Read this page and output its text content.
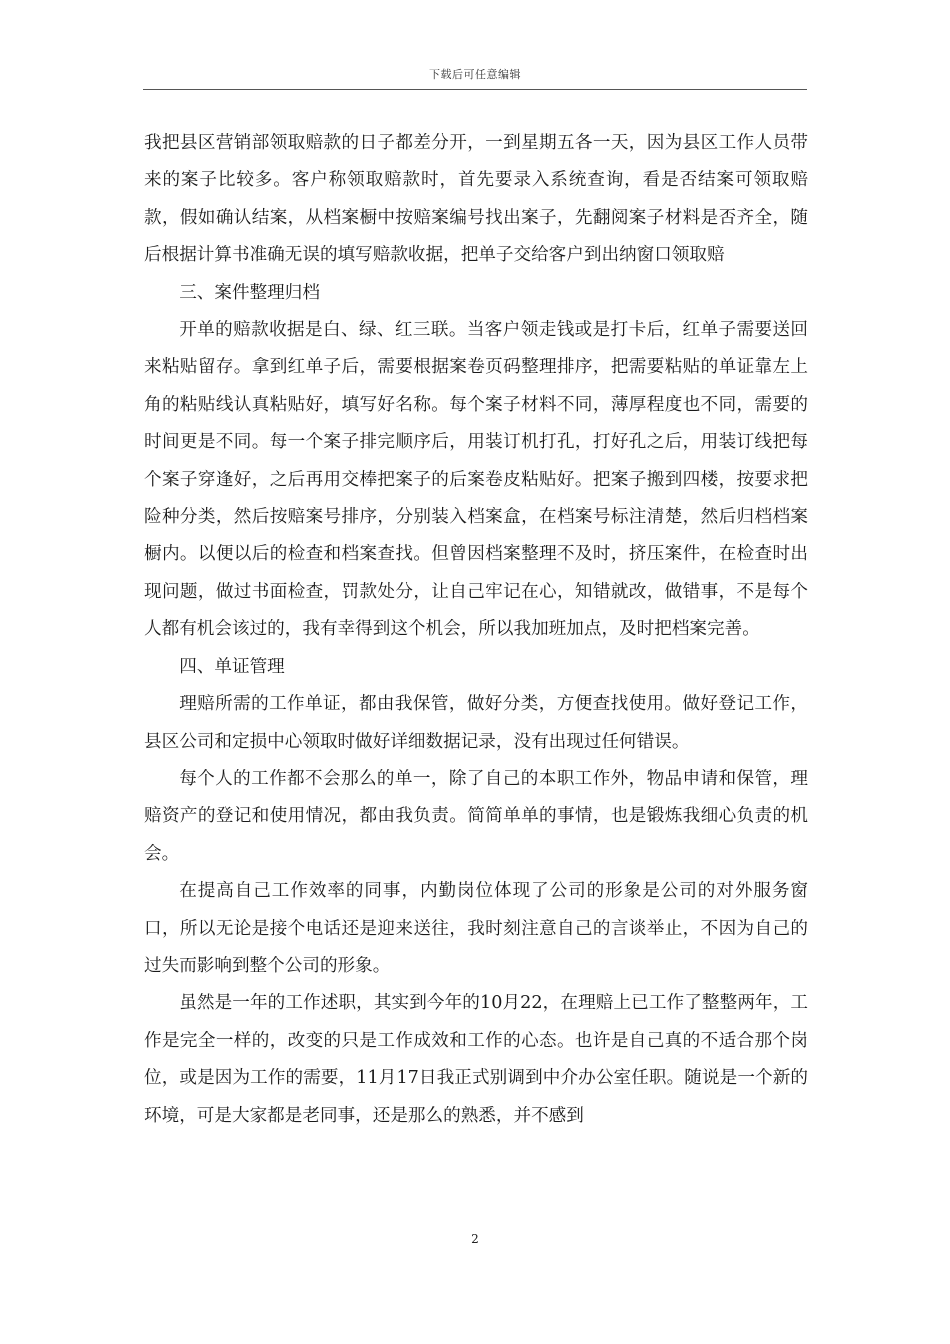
下载后可任意编辑

我把县区营销部领取赔款的日子都差分开，一到星期五各一天，因为县区工作人员带来的案子比较多。客户称领取赔款时，首先要录入系统查询，看是否结案可领取赔款，假如确认结案，从档案橱中按赔案编号找出案子，先翻阅案子材料是否齐全，随后根据计算书准确无误的填写赔款收据，把单子交给客户到出纳窗口领取赔

三、案件整理归档

开单的赔款收据是白、绿、红三联。当客户领走钱或是打卡后，红单子需要送回来粘贴留存。拿到红单子后，需要根据案卷页码整理排序，把需要粘贴的单证靠左上角的粘贴线认真粘贴好，填写好名称。每个案子材料不同，薄厚程度也不同，需要的时间更是不同。每一个案子排完顺序后，用装订机打孔，打好孔之后，用装订线把每个案子穿逢好，之后再用交棒把案子的后案卷皮粘贴好。把案子搬到四楼，按要求把险种分类，然后按赔案号排序，分别装入档案盒，在档案号标注清楚，然后归档档案橱内。以便以后的检查和档案查找。但曾因档案整理不及时，挤压案件，在检查时出现问题，做过书面检查，罚款处分，让自己牢记在心，知错就改，做错事，不是每个人都有机会该过的，我有幸得到这个机会，所以我加班加点，及时把档案完善。

四、单证管理

理赔所需的工作单证，都由我保管，做好分类，方便查找使用。做好登记工作，县区公司和定损中心领取时做好详细数据记录，没有出现过任何错误。

每个人的工作都不会那么的单一，除了自己的本职工作外，物品申请和保管，理赔资产的登记和使用情况，都由我负责。简简单单的事情，也是锻炼我细心负责的机会。

在提高自己工作效率的同事，内勤岗位体现了公司的形象是公司的对外服务窗口，所以无论是接个电话还是迎来送往，我时刻注意自己的言谈举止，不因为自己的过失而影响到整个公司的形象。

虽然是一年的工作述职，其实到今年的10月22，在理赔上已工作了整整两年，工作是完全一样的，改变的只是工作成效和工作的心态。也许是自己真的不适合那个岗位，或是因为工作的需要，11月17日我正式别调到中介办公室任职。随说是一个新的环境，可是大家都是老同事，还是那么的熟悉，并不感到

2
